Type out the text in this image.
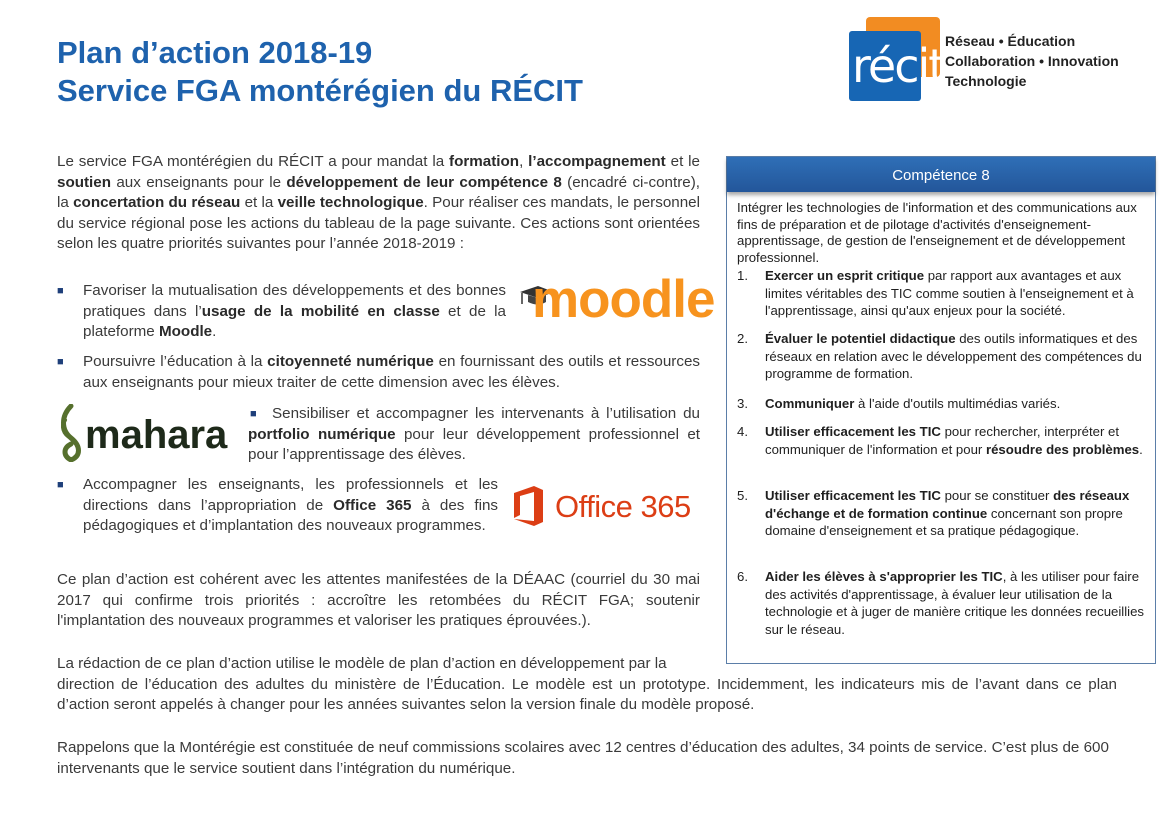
Plan d’action 2018-19
Service FGA montérégien du RÉCIT	récit Réseau • Éducation
Collaboration • Innovation
Technologie

Le service FGA montérégien du RÉCIT a pour mandat la formation, l’accompagnement et le soutien aux enseignants pour le développement de leur compétence 8 (encadré ci-contre), la concertation du réseau et la veille technologique. Pour réaliser ces mandats, le personnel du service régional pose les actions du tableau de la page suivante. Ces actions sont orientées selon les quatre priorités suivantes pour l’année 2018-2019 :

■ Favoriser la mutualisation des développements et des bonnes pratiques dans l’usage de la mobilité en classe et de la plateforme Moodle.
moodle
■ Poursuivre l’éducation à la citoyenneté numérique en fournissant des outils et ressources aux enseignants pour mieux traiter de cette dimension avec les élèves.
mahara ■	Sensibiliser et accompagner les intervenants à l’utilisation du portfolio numérique pour leur développement professionnel et pour l’apprentissage des élèves.
■ Accompagner les enseignants, les professionnels et les directions dans l’appropriation de Office 365 à des fins pédagogiques et d’implantation des nouveaux programmes.
Office 365

Ce plan d’action est cohérent avec les attentes manifestées de la DÉAAC (courriel du 30 mai 2017 qui confirme trois priorités : accroître les retombées du RÉCIT FGA; soutenir l'implantation des nouveaux programmes et valoriser les pratiques éprouvées.).

La rédaction de ce plan d’action utilise le modèle de plan d’action en développement par la
direction de l’éducation des adultes du ministère de l’Éducation. Le modèle est un prototype. Incidemment, les indicateurs mis de l’avant dans ce plan d’action seront appelés à changer pour les années suivantes selon la version finale du modèle proposé.

Rappelons que la Montérégie est constituée de neuf commissions scolaires avec 12 centres d’éducation des adultes, 34 points de service. C’est plus de 600 intervenants que le service soutient dans l’intégration du numérique.

Compétence 8

Intégrer les technologies de l'information et des communications aux fins de préparation et de pilotage d'activités d'enseignement-apprentissage, de gestion de l'enseignement et de développement professionnel.

1.	Exercer un esprit critique par rapport aux avantages et aux limites véritables des TIC comme soutien à l'enseignement et à l'apprentissage, ainsi qu'aux enjeux pour la société.
2.	Évaluer le potentiel didactique des outils informatiques et des réseaux en relation avec le développement des compétences du programme de formation.
3.	Communiquer à l'aide d'outils multimédias variés.
4.	Utiliser efficacement les TIC pour rechercher, interpréter et communiquer de l'information et pour résoudre des problèmes.
5.	Utiliser efficacement les TIC pour se constituer des réseaux d'échange et de formation continue concernant son propre domaine d'enseignement et sa pratique pédagogique.
6.	Aider les élèves à s'approprier les TIC, à les utiliser pour faire des activités d'apprentissage, à évaluer leur utilisation de la technologie et à juger de manière critique les données recueillies sur le réseau.
